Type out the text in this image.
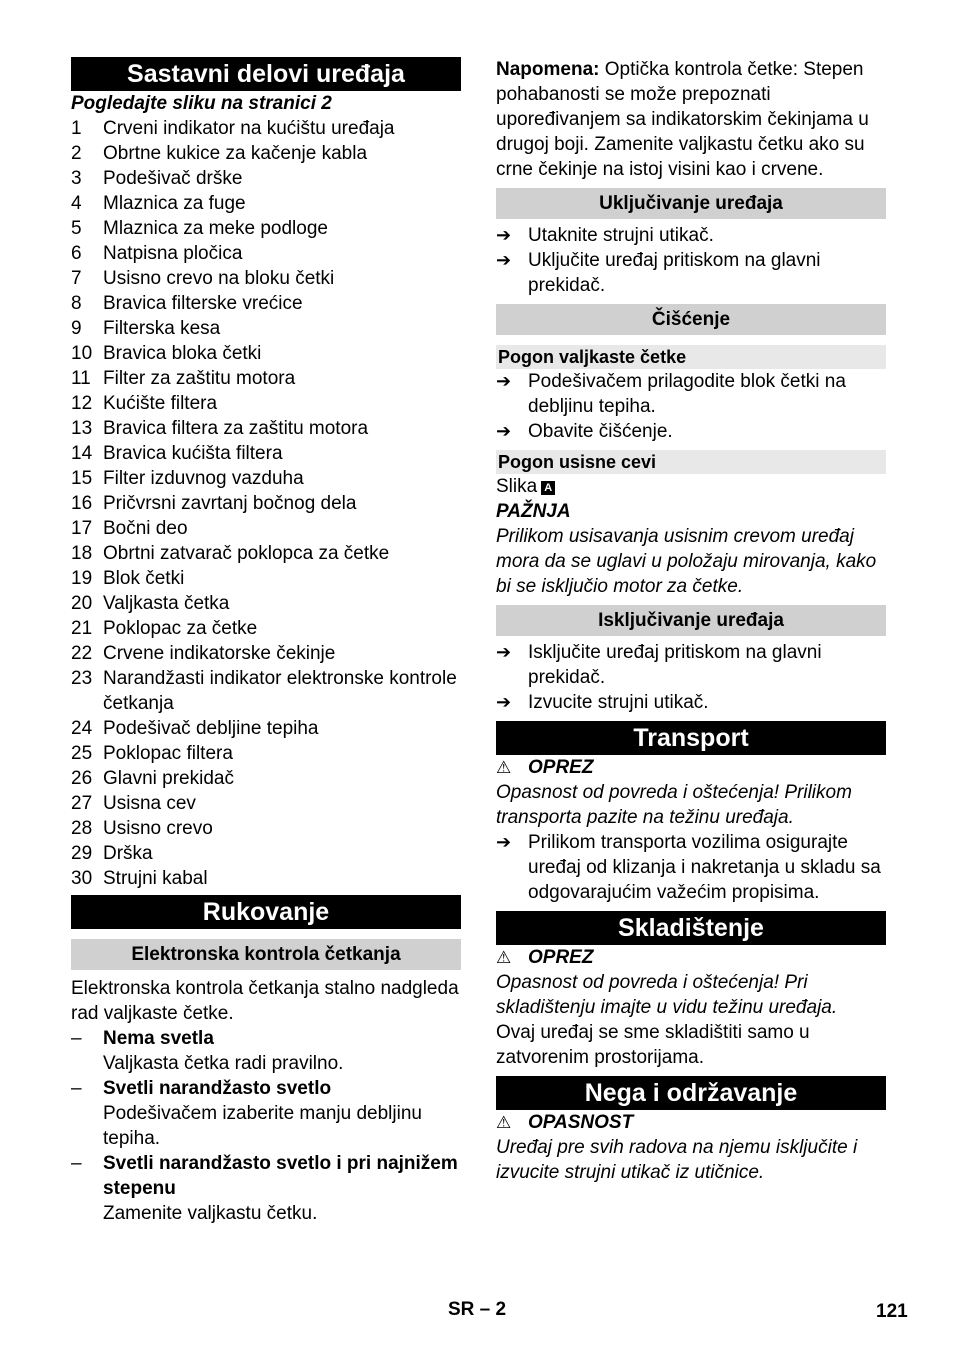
Sastavni delovi uređaja

Pogledajte sliku na stranici 2

1	Crveni indikator na kućištu uređaja
2	Obrtne kukice za kačenje kabla
3	Podešivač drške
4	Mlaznica za fuge
5	Mlaznica za meke podloge
6	Natpisna pločica
7	Usisno crevo na bloku četki
8	Bravica filterske vrećice
9	Filterska kesa
10 Bravica bloka četki
11 Filter za zaštitu motora
12 Kućište filtera
13 Bravica filtera za zaštitu motora
14 Bravica kućišta filtera
15 Filter izduvnog vazduha
16 Pričvrsni zavrtanj bočnog dela
17 Bočni deo
18 Obrtni zatvarač poklopca za četke
19 Blok četki
20 Valjkasta četka
21 Poklopac za četke
22 Crvene indikatorske čekinje
23 Narandžasti indikator elektronske kontrole četkanja
24 Podešivač debljine tepiha
25 Poklopac filtera
26 Glavni prekidač
27 Usisna cev
28 Usisno crevo
29 Drška
30 Strujni kabal
Rukovanje
Elektronska kontrola četkanja

Elektronska kontrola četkanja stalno nadgleda rad valjkaste četke.

–	Nema svetla

Valjkasta četka radi pravilno.

–	Svetli narandžasto svetlo

Podešivačem izaberite manju debljinu tepiha.

–	Svetli narandžasto svetlo i pri najnižem stepenu

Zamenite valjkastu četku.

Napomena: Optička kontrola četke: Stepen pohabanosti se može prepoznati upoređivanjem sa indikatorskim čekinjama u drugoj boji. Zamenite valjkastu četku ako su crne čekinje na istoj visini kao i crvene.

Uključivanje uređaja
➔ Utaknite strujni utikač.
➔ Uključite uređaj pritiskom na glavni prekidač.
Čišćenje
Pogon valjkaste četke
➔ Podešivačem prilagodite blok četki na debljinu tepiha.
➔ Obavite čišćenje.
Pogon usisne cevi

Slika A

PAŽNJA

Prilikom usisavanja usisnim crevom uređaj mora da se uglavi u položaju mirovanja, kako bi se isključio motor za četke.

Isključivanje uređaja
➔ Isključite uređaj pritiskom na glavni prekidač.
➔ Izvucite strujni utikač.
Transport
⚠ OPREZ

Opasnost od povreda i oštećenja! Prilikom transporta pazite na težinu uređaja.

➔ Prilikom transporta vozilima osigurajte uređaj od klizanja i nakretanja u skladu sa odgovarajućim važećim propisima.
Skladištenje
⚠ OPREZ

Opasnost od povreda i oštećenja! Pri skladištenju imajte u vidu težinu uređaja.

Ovaj uređaj se sme skladištiti samo u zatvorenim prostorijama.

Nega i održavanje
⚠ OPASNOST

Uređaj pre svih radova na njemu isključite i izvucite strujni utikač iz utičnice.

SR – 2	121
